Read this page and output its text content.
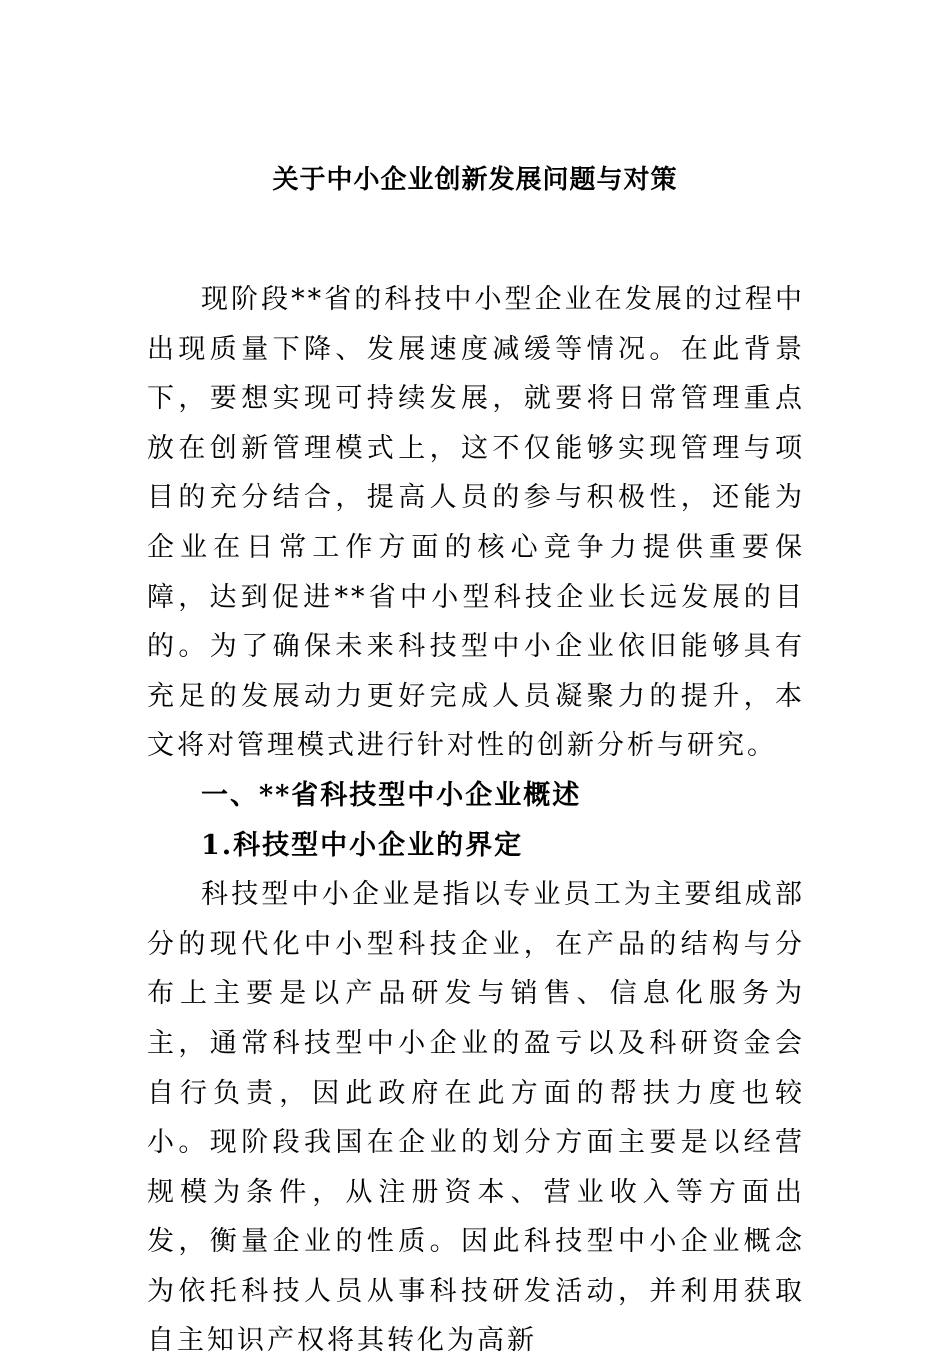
关于中小企业创新发展问题与对策

现阶段**省的科技中小型企业在发展的过程中出现质量下降、发展速度减缓等情况。在此背景下，要想实现可持续发展，就要将日常管理重点放在创新管理模式上，这不仅能够实现管理与项目的充分结合，提高人员的参与积极性，还能为企业在日常工作方面的核心竞争力提供重要保障，达到促进**省中小型科技企业长远发展的目的。为了确保未来科技型中小企业依旧能够具有充足的发展动力更好完成人员凝聚力的提升，本文将对管理模式进行针对性的创新分析与研究。

一、**省科技型中小企业概述

1.科技型中小企业的界定

科技型中小企业是指以专业员工为主要组成部分的现代化中小型科技企业，在产品的结构与分布上主要是以产品研发与销售、信息化服务为主，通常科技型中小企业的盈亏以及科研资金会自行负责，因此政府在此方面的帮扶力度也较小。现阶段我国在企业的划分方面主要是以经营规模为条件，从注册资本、营业收入等方面出发，衡量企业的性质。因此科技型中小企业概念为依托科技人员从事科技研发活动，并利用获取自主知识产权将其转化为高新
